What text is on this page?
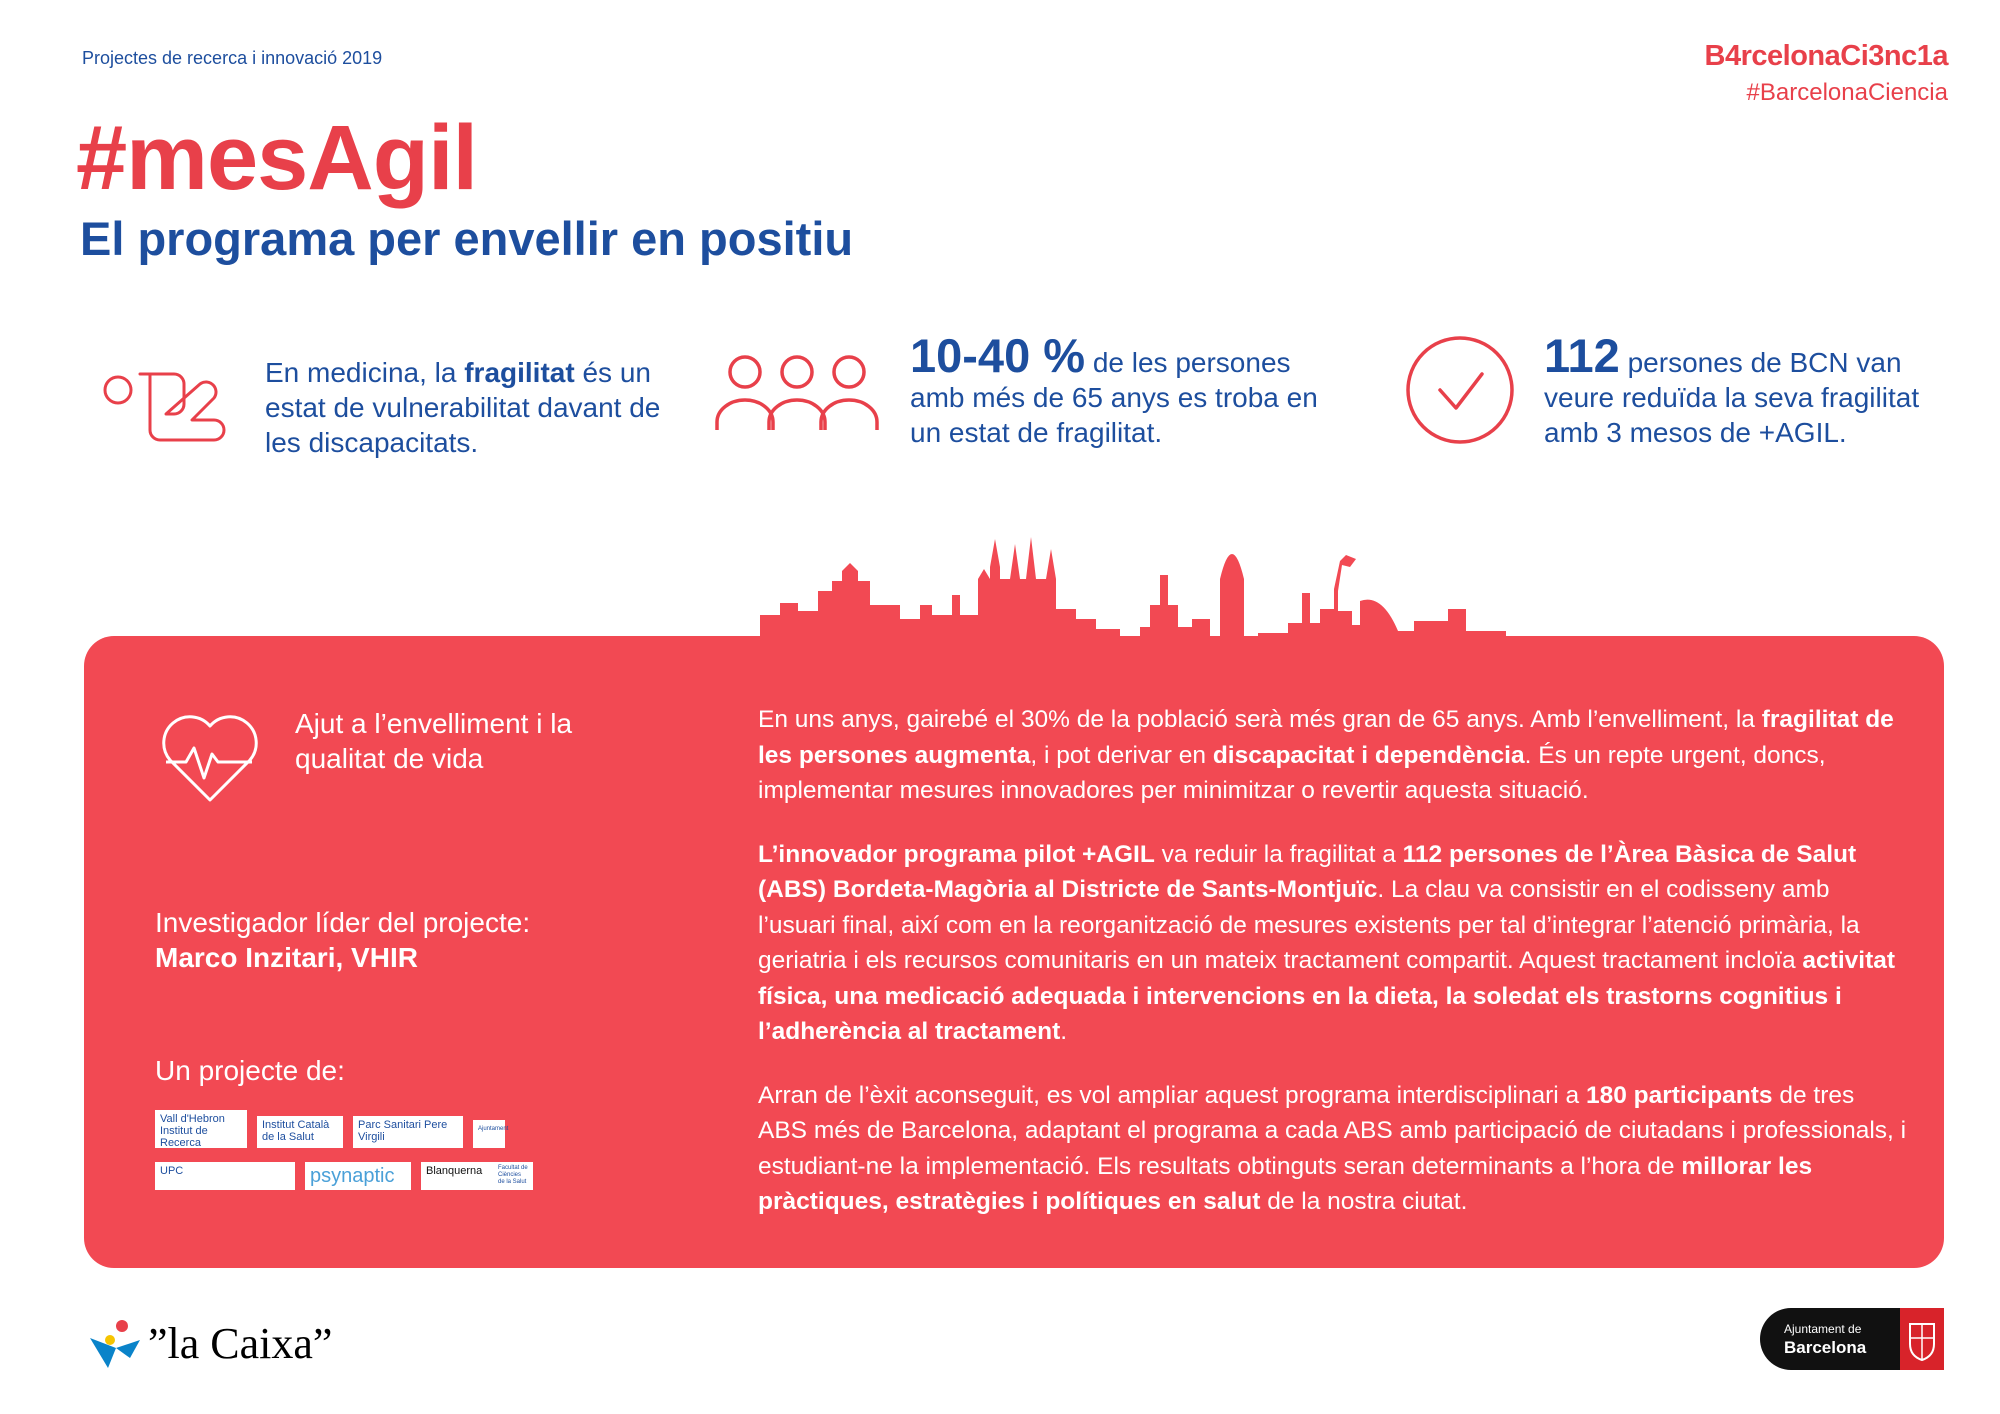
Projectes de recerca i innovació 2019	B4rcelonaCi3nc1a
#BarcelonaCiencia
#mesAgil
El programa per envellir en positiu
En medicina, la fragilitat és un estat de vulnerabilitat davant de les discapacitats.
10-40 % de les persones amb més de 65 anys es troba en un estat de fragilitat.
112 persones de BCN van veure reduïda la seva fragilitat amb 3 mesos de +AGIL.
Ajut a l’envelliment i la qualitat de vida
Investigador líder del projecte:
Marco Inzitari, VHIR
Un projecte de:
Vall d'Hebron Institut de Recerca
Institut Català de la Salut
Parc Sanitari Pere Virgili
Ajuntament
UPC	psynaptic	Blanquerna	Facultat de Ciències de la Salut

En uns anys, gairebé el 30% de la població serà més gran de 65 anys. Amb l’envelliment, la fragilitat de les persones augmenta, i pot derivar en discapacitat i dependència. És un repte urgent, doncs, implementar mesures innovadores per minimitzar o revertir aquesta situació.

L’innovador programa pilot +AGIL va reduir la fragilitat a 112 persones de l’Àrea Bàsica de Salut (ABS) Bordeta-Magòria al Districte de Sants-Montjuïc. La clau va consistir en el codisseny amb l’usuari final, així com en la reorganització de mesures existents per tal d’integrar l’atenció primària, la geriatria i els recursos comunitaris en un mateix tractament compartit. Aquest tractament incloïa activitat física, una medicació adequada i intervencions en la dieta, la soledat els trastorns cognitius i l’adherència al tractament.

Arran de l’èxit aconseguit, es vol ampliar aquest programa interdisciplinari a 180 participants de tres ABS més de Barcelona, adaptant el programa a cada ABS amb participació de ciutadans i professionals, i estudiant-ne la implementació. Els resultats obtinguts seran determinants a l’hora de millorar les pràctiques, estratègies i polítiques en salut de la nostra ciutat.

”la Caixa”	Ajuntament de
Barcelona
